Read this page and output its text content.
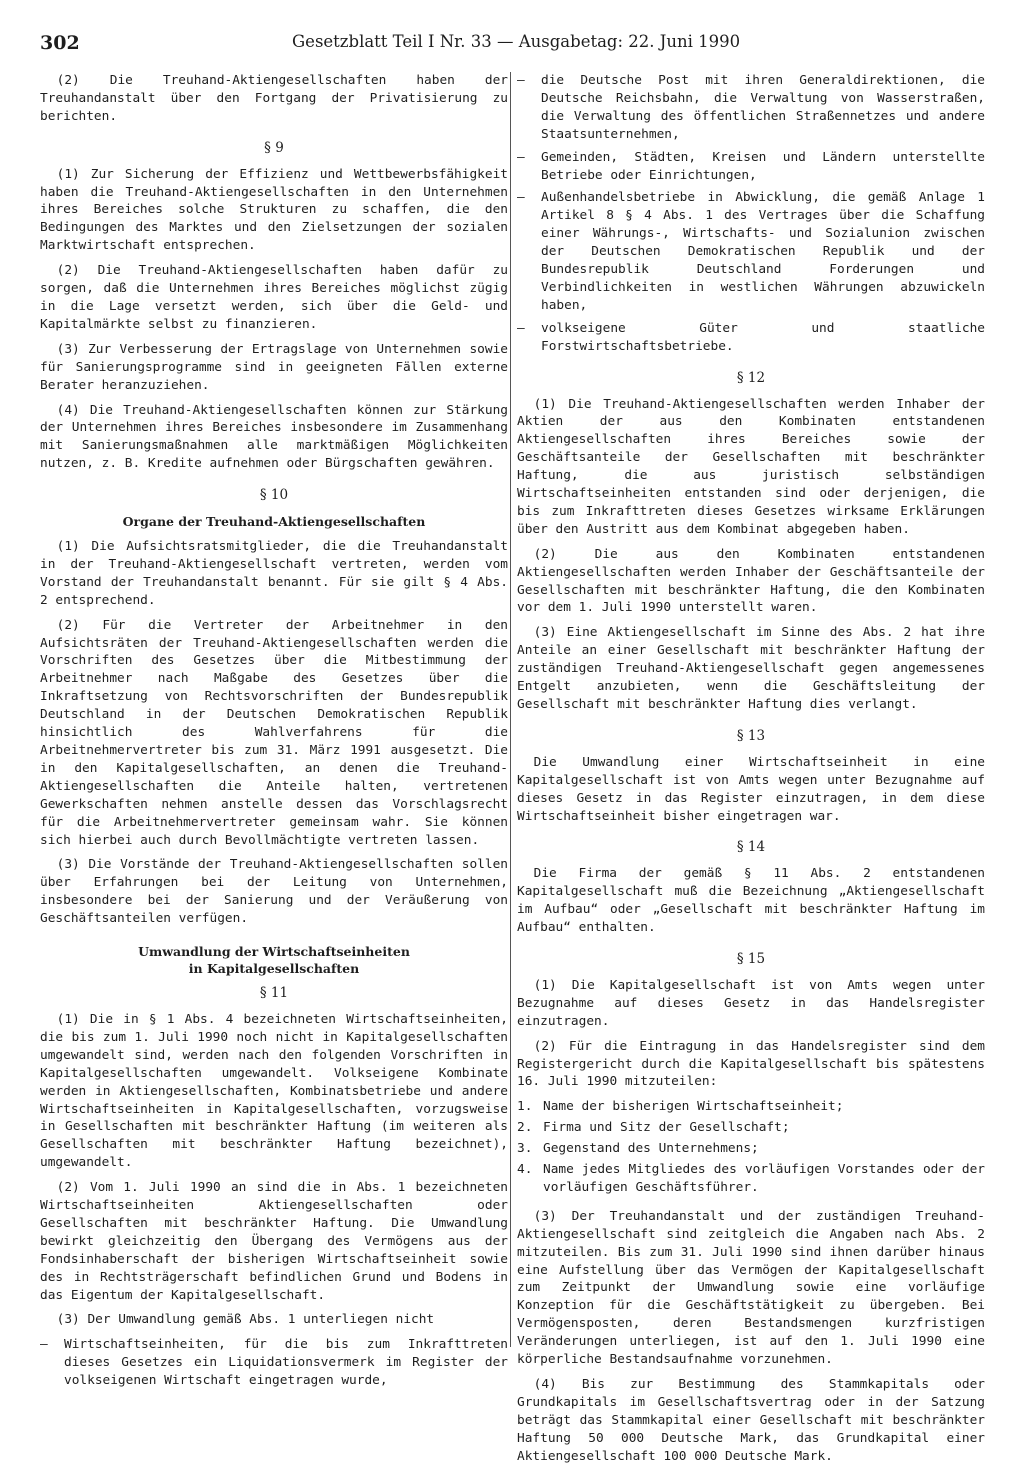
302	Gesetzblatt Teil I Nr. 33 — Ausgabetag: 22. Juni 1990

(2) Die Treuhand-Aktiengesellschaften haben der Treuhandanstalt über den Fortgang der Privatisierung zu berichten.

§ 9

(1) Zur Sicherung der Effizienz und Wettbewerbsfähigkeit haben die Treuhand-Aktiengesellschaften in den Unternehmen ihres Bereiches solche Strukturen zu schaffen, die den Bedingungen des Marktes und den Zielsetzungen der sozialen Marktwirtschaft entsprechen.

(2) Die Treuhand-Aktiengesellschaften haben dafür zu sorgen, daß die Unternehmen ihres Bereiches möglichst zügig in die Lage versetzt werden, sich über die Geld- und Kapitalmärkte selbst zu finanzieren.

(3) Zur Verbesserung der Ertragslage von Unternehmen sowie für Sanierungsprogramme sind in geeigneten Fällen externe Berater heranzuziehen.

(4) Die Treuhand-Aktiengesellschaften können zur Stärkung der Unternehmen ihres Bereiches insbesondere im Zusammenhang mit Sanierungsmaßnahmen alle marktmäßigen Möglichkeiten nutzen, z. B. Kredite aufnehmen oder Bürgschaften gewähren.

§ 10
Organe der Treuhand-Aktiengesellschaften

(1) Die Aufsichtsratsmitglieder, die die Treuhandanstalt in der Treuhand-Aktiengesellschaft vertreten, werden vom Vorstand der Treuhandanstalt benannt. Für sie gilt § 4 Abs. 2 entsprechend.

(2) Für die Vertreter der Arbeitnehmer in den Aufsichtsräten der Treuhand-Aktiengesellschaften werden die Vorschriften des Gesetzes über die Mitbestimmung der Arbeitnehmer nach Maßgabe des Gesetzes über die Inkraftsetzung von Rechtsvorschriften der Bundesrepublik Deutschland in der Deutschen Demokratischen Republik hinsichtlich des Wahlverfahrens für die Arbeitnehmervertreter bis zum 31. März 1991 ausgesetzt. Die in den Kapitalgesellschaften, an denen die Treuhand-Aktiengesellschaften die Anteile halten, vertretenen Gewerkschaften nehmen anstelle dessen das Vorschlagsrecht für die Arbeitnehmervertreter gemeinsam wahr. Sie können sich hierbei auch durch Bevollmächtigte vertreten lassen.

(3) Die Vorstände der Treuhand-Aktiengesellschaften sollen über Erfahrungen bei der Leitung von Unternehmen, insbesondere bei der Sanierung und der Veräußerung von Geschäftsanteilen verfügen.

Umwandlung der Wirtschaftseinheiten
in Kapitalgesellschaften
§ 11

(1) Die in § 1 Abs. 4 bezeichneten Wirtschaftseinheiten, die bis zum 1. Juli 1990 noch nicht in Kapitalgesellschaften umgewandelt sind, werden nach den folgenden Vorschriften in Kapitalgesellschaften umgewandelt. Volkseigene Kombinate werden in Aktiengesellschaften, Kombinatsbetriebe und andere Wirtschaftseinheiten in Kapitalgesellschaften, vorzugsweise in Gesellschaften mit beschränkter Haftung (im weiteren als Gesellschaften mit beschränkter Haftung bezeichnet), umgewandelt.

(2) Vom 1. Juli 1990 an sind die in Abs. 1 bezeichneten Wirtschaftseinheiten Aktiengesellschaften oder Gesellschaften mit beschränkter Haftung. Die Umwandlung bewirkt gleichzeitig den Übergang des Vermögens aus der Fondsinhaberschaft der bisherigen Wirtschaftseinheit sowie des in Rechtsträgerschaft befindlichen Grund und Bodens in das Eigentum der Kapitalgesellschaft.

(3) Der Umwandlung gemäß Abs. 1 unterliegen nicht

– Wirtschaftseinheiten, für die bis zum Inkrafttreten dieses Gesetzes ein Liquidationsvermerk im Register der volkseigenen Wirtschaft eingetragen wurde,

– die Deutsche Post mit ihren Generaldirektionen, die Deutsche Reichsbahn, die Verwaltung von Wasserstraßen, die Verwaltung des öffentlichen Straßennetzes und andere Staatsunternehmen,

– Gemeinden, Städten, Kreisen und Ländern unterstellte Betriebe oder Einrichtungen,

– Außenhandelsbetriebe in Abwicklung, die gemäß Anlage 1 Artikel 8 § 4 Abs. 1 des Vertrages über die Schaffung einer Währungs-, Wirtschafts- und Sozialunion zwischen der Deutschen Demokratischen Republik und der Bundesrepublik Deutschland Forderungen und Verbindlichkeiten in westlichen Währungen abzuwickeln haben,

– volkseigene Güter und staatliche Forstwirtschaftsbetriebe.

§ 12

(1) Die Treuhand-Aktiengesellschaften werden Inhaber der Aktien der aus den Kombinaten entstandenen Aktiengesellschaften ihres Bereiches sowie der Geschäftsanteile der Gesellschaften mit beschränkter Haftung, die aus juristisch selbständigen Wirtschaftseinheiten entstanden sind oder derjenigen, die bis zum Inkrafttreten dieses Gesetzes wirksame Erklärungen über den Austritt aus dem Kombinat abgegeben haben.

(2) Die aus den Kombinaten entstandenen Aktiengesellschaften werden Inhaber der Geschäftsanteile der Gesellschaften mit beschränkter Haftung, die den Kombinaten vor dem 1. Juli 1990 unterstellt waren.

(3) Eine Aktiengesellschaft im Sinne des Abs. 2 hat ihre Anteile an einer Gesellschaft mit beschränkter Haftung der zuständigen Treuhand-Aktiengesellschaft gegen angemessenes Entgelt anzubieten, wenn die Geschäftsleitung der Gesellschaft mit beschränkter Haftung dies verlangt.

§ 13

Die Umwandlung einer Wirtschaftseinheit in eine Kapitalgesellschaft ist von Amts wegen unter Bezugnahme auf dieses Gesetz in das Register einzutragen, in dem diese Wirtschaftseinheit bisher eingetragen war.

§ 14

Die Firma der gemäß § 11 Abs. 2 entstandenen Kapitalgesellschaft muß die Bezeichnung „Aktiengesellschaft im Aufbau“ oder „Gesellschaft mit beschränkter Haftung im Aufbau“ enthalten.

§ 15

(1) Die Kapitalgesellschaft ist von Amts wegen unter Bezugnahme auf dieses Gesetz in das Handelsregister einzutragen.

(2) Für die Eintragung in das Handelsregister sind dem Registergericht durch die Kapitalgesellschaft bis spätestens 16. Juli 1990 mitzuteilen:

1. Name der bisherigen Wirtschaftseinheit;

2. Firma und Sitz der Gesellschaft;

3. Gegenstand des Unternehmens;

4. Name jedes Mitgliedes des vorläufigen Vorstandes oder der vorläufigen Geschäftsführer.

(3) Der Treuhandanstalt und der zuständigen Treuhand-Aktiengesellschaft sind zeitgleich die Angaben nach Abs. 2 mitzuteilen. Bis zum 31. Juli 1990 sind ihnen darüber hinaus eine Aufstellung über das Vermögen der Kapitalgesellschaft zum Zeitpunkt der Umwandlung sowie eine vorläufige Konzeption für die Geschäftstätigkeit zu übergeben. Bei Vermögensposten, deren Bestandsmengen kurzfristigen Veränderungen unterliegen, ist auf den 1. Juli 1990 eine körperliche Bestandsaufnahme vorzunehmen.

(4) Bis zur Bestimmung des Stammkapitals oder Grundkapitals im Gesellschaftsvertrag oder in der Satzung beträgt das Stammkapital einer Gesellschaft mit beschränkter Haftung 50 000 Deutsche Mark, das Grundkapital einer Aktiengesellschaft 100 000 Deutsche Mark.
